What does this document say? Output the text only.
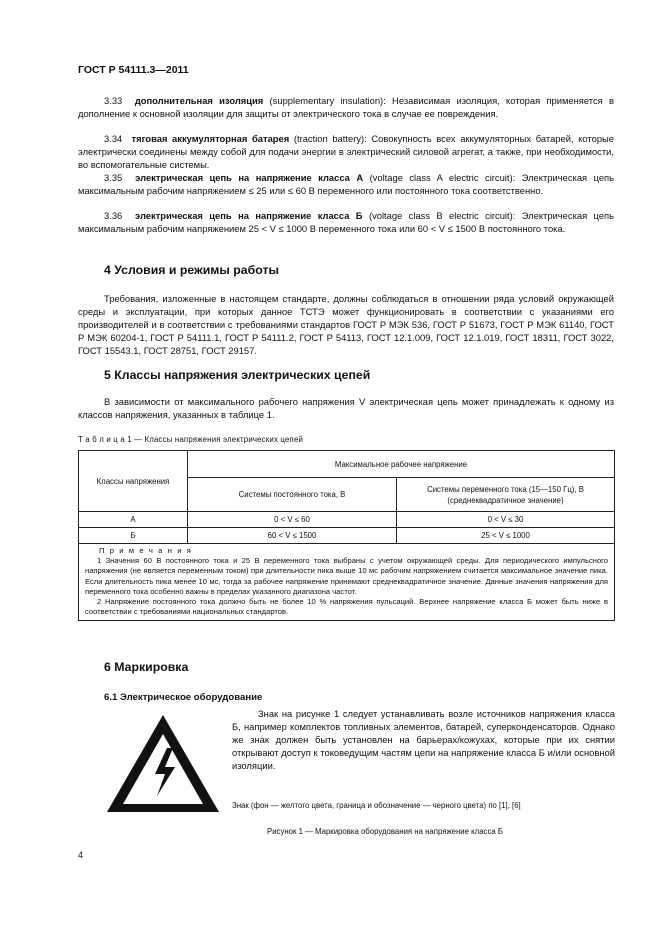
ГОСТ Р 54111.3—2011
3.33 дополнительная изоляция (supplementary insulation): Независимая изоляция, которая применяется в дополнение к основной изоляции для защиты от электрического тока в случае ее повреждения.
3.34 тяговая аккумуляторная батарея (traction battery): Совокупность всех аккумуляторных батарей, которые электрически соединены между собой для подачи энергии в электрический силовой агрегат, а также, при необходимости, во вспомогательные системы.
3.35 электрическая цепь на напряжение класса А (voltage class A electric circuit): Электрическая цепь максимальным рабочим напряжением ≤ 25 или ≤ 60 В переменного или постоянного тока соответственно.
3.36 электрическая цепь на напряжение класса Б (voltage class B electric circuit): Электрическая цепь максимальным рабочим напряжением 25 < V ≤ 1000 В переменного тока или 60 < V ≤ 1500 В постоянного тока.
4 Условия и режимы работы
Требования, изложенные в настоящем стандарте, должны соблюдаться в отношении ряда условий окружающей среды и эксплуатации, при которых данное ТСТЭ может функционировать в соответствии с указаниями его производителей и в соответствии с требованиями стандартов ГОСТ Р МЭК 536, ГОСТ Р 51673, ГОСТ Р МЭК 61140, ГОСТ Р МЭК 60204-1, ГОСТ Р 54111.1, ГОСТ Р 54111.2, ГОСТ Р 54113, ГОСТ 12.1.009, ГОСТ 12.1.019, ГОСТ 18311, ГОСТ 3022, ГОСТ 15543.1, ГОСТ 28751, ГОСТ 29157.
5 Классы напряжения электрических цепей
В зависимости от максимального рабочего напряжения V электрическая цепь может принадлежать к одному из классов напряжения, указанных в таблице 1.
Т а б л и ц а 1 — Классы напряжения электрических цепей
Классы напряжения	Максимальное рабочее напряжение	
	Системы постоянного тока, В	Системы переменного тока (15—150 Гц), В (среднеквадратичное значение)
А	0 < V ≤ 60	0 < V ≤ 30
Б	60 < V ≤ 1500	25 < V ≤ 1000

П р и м е ч а н и я

1 Значения 60 В постоянного тока и 25 В переменного тока выбраны с учетом окружающей среды. Для периодического импульсного напряжения (не является переменным током) при длительности пика выше 10 мс рабочим напряжением считается максимальное значение пика. Если длительность пика менее 10 мс, тогда за рабочее напряжение принимают среднеквадратичное значение. Данные значения напряжения для переменного тока особенно важны в пределах указанного диапазона частот.

2 Напряжение постоянного тока должно быть не более 10 % напряжения пульсаций. Верхнее напряжение класса Б может быть ниже в соответствии с требованиями национальных стандартов.		

6 Маркировка
6.1 Электрическое оборудование
Знак на рисунке 1 следует устанавливать возле источников напряжения класса Б, например комплектов топливных элементов, батарей, суперконденсаторов. Однако же знак должен быть установлен на барьерах/кожухах, которые при их снятии открывают доступ к токоведущим частям цепи на напряжение класса Б и/или основной изоляции.
Знак (фон — желтого цвета, граница и обозначение — черного цвета) по [1], [6]
Рисунок 1 — Маркировка оборудования на напряжение класса Б
4
